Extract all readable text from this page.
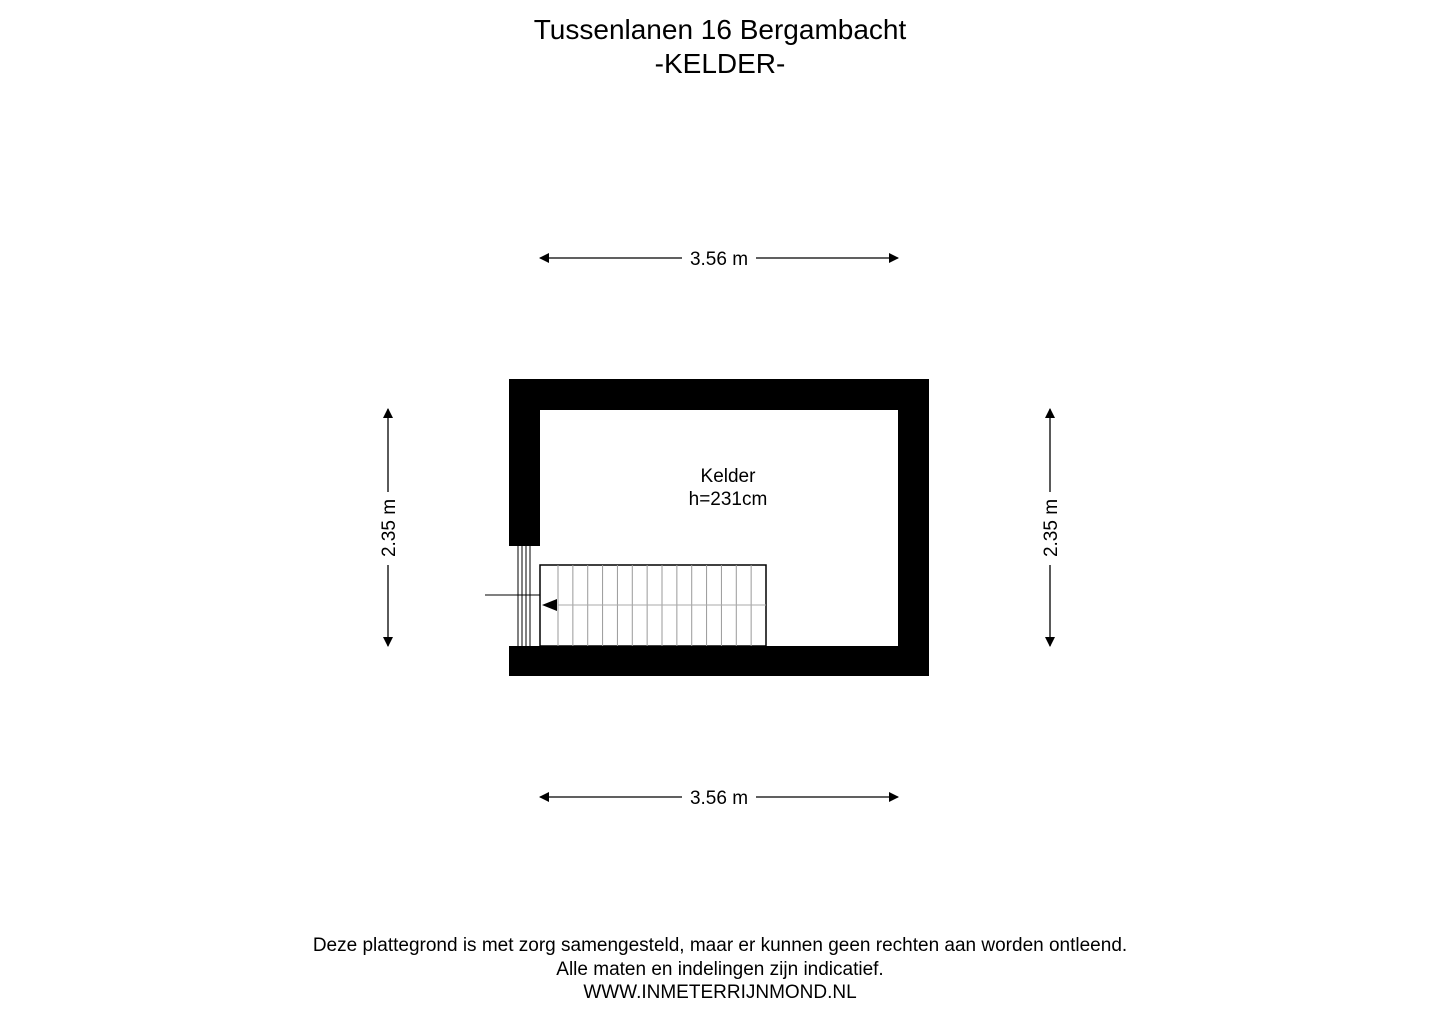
Tussenlanen 16 Bergambacht
-KELDER-
3.56 m
3.56 m
2.35 m	2.35 m
Kelder
h=231cm
Deze plattegrond is met zorg samengesteld, maar er kunnen geen rechten aan worden ontleend.
Alle maten en indelingen zijn indicatief.
WWW.INMETERRIJNMOND.NL
